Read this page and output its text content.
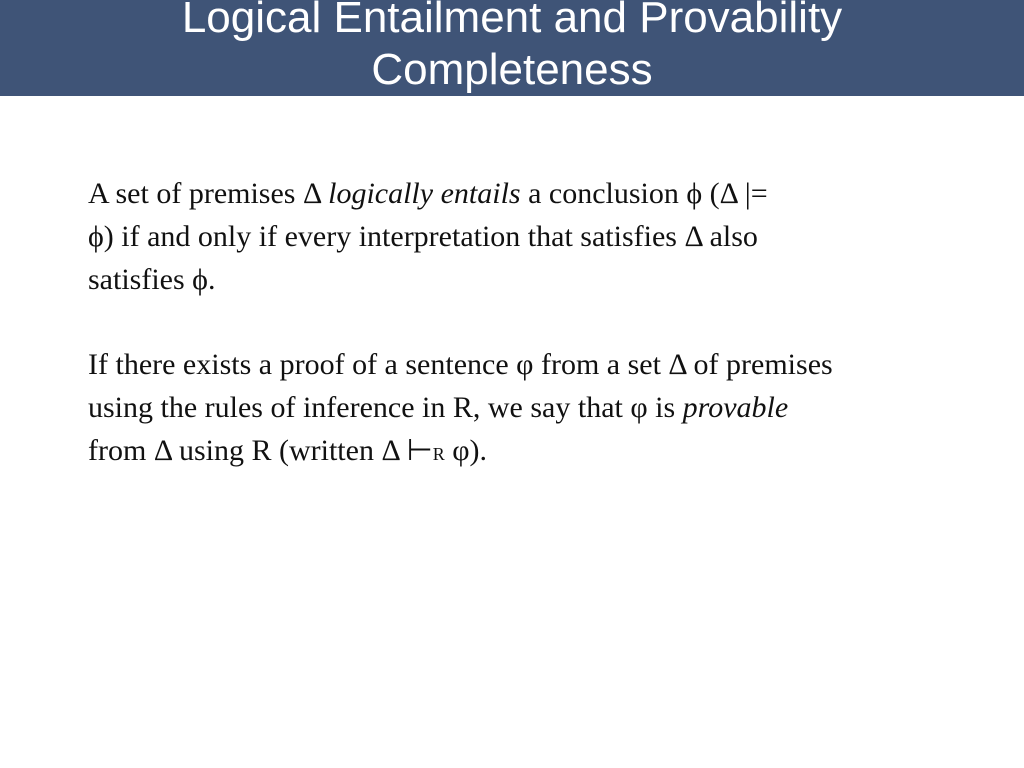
Logical Entailment and Provability
Completeness

A set of premises Δ logically entails a conclusion ϕ (Δ |=
ϕ) if and only if every interpretation that satisfies Δ also
satisfies ϕ.

If there exists a proof of a sentence φ from a set Δ of premises
using the rules of inference in R, we say that φ is provable
from Δ using R (written Δ ⊢R φ).
